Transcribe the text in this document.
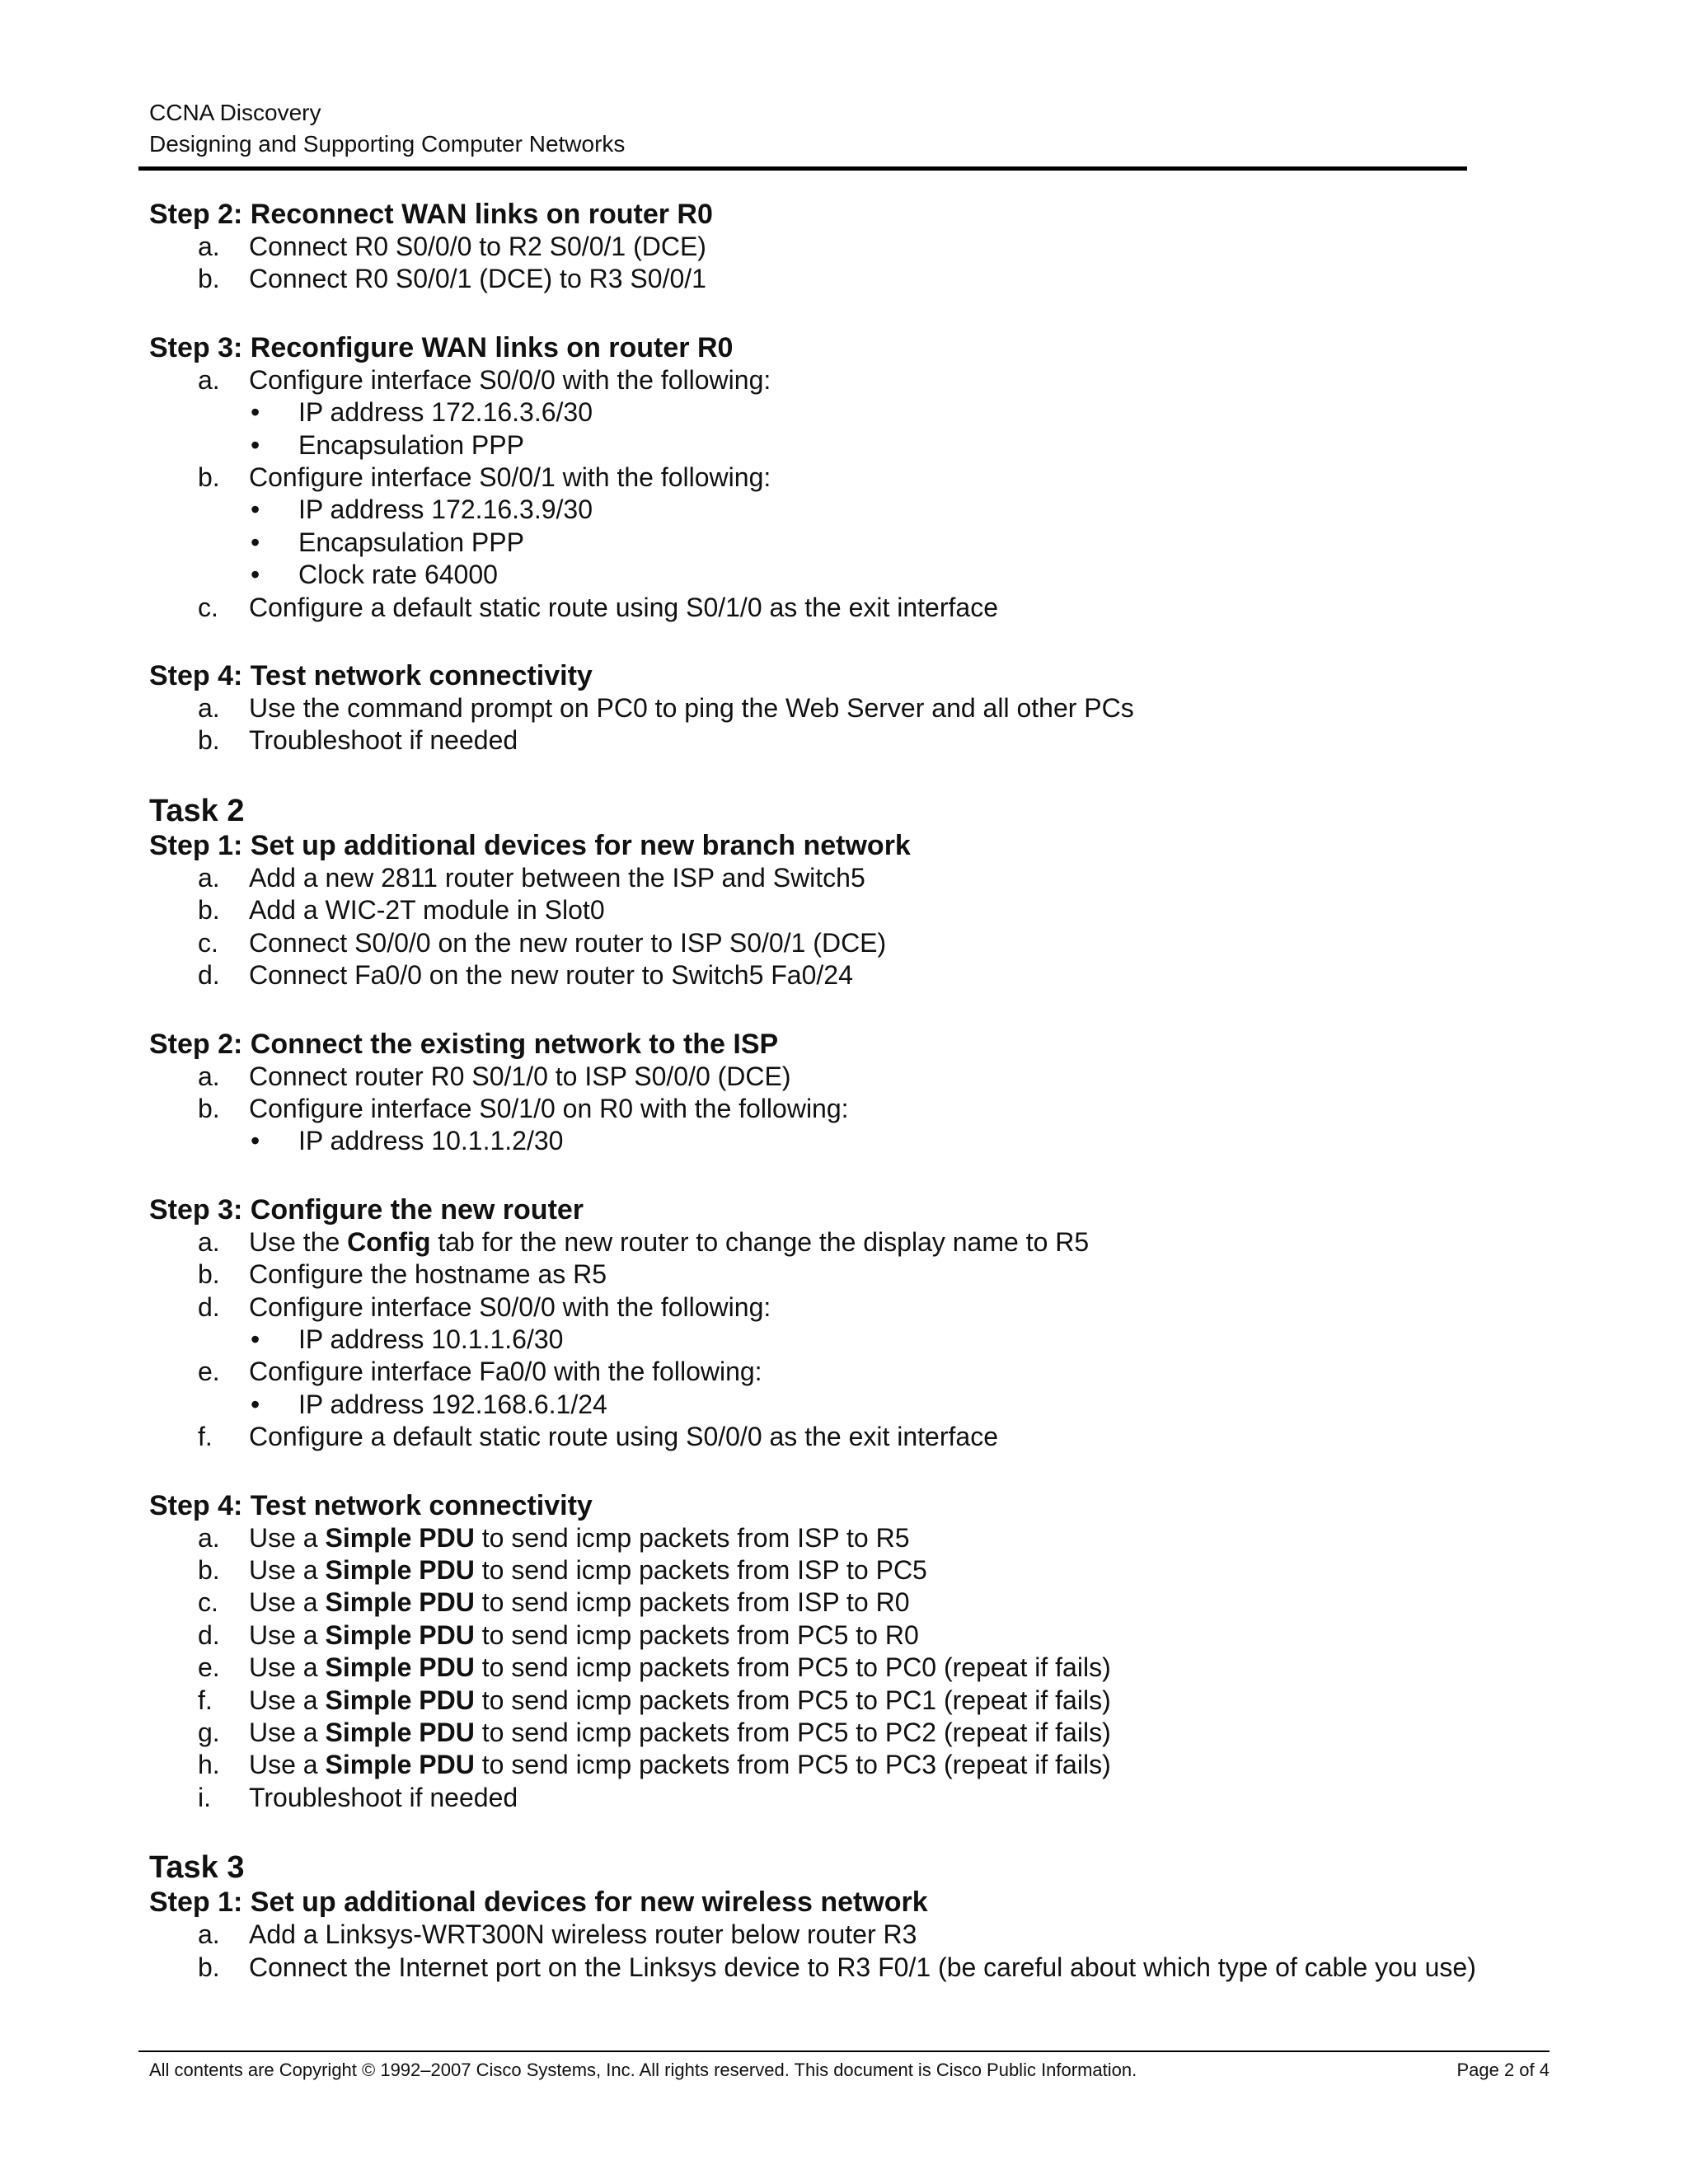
CCNA Discovery
Designing and Supporting Computer Networks
Step 2: Reconnect WAN links on router R0
a. Connect R0 S0/0/0 to R2 S0/0/1 (DCE)
b. Connect R0 S0/0/1 (DCE) to R3 S0/0/1
Step 3: Reconfigure WAN links on router R0
a. Configure interface S0/0/0 with the following:
• IP address 172.16.3.6/30
• Encapsulation PPP
b. Configure interface S0/0/1 with the following:
• IP address 172.16.3.9/30
• Encapsulation PPP
• Clock rate 64000
c. Configure a default static route using S0/1/0 as the exit interface
Step 4: Test network connectivity
a. Use the command prompt on PC0 to ping the Web Server and all other PCs
b. Troubleshoot if needed
Task 2
Step 1: Set up additional devices for new branch network
a. Add a new 2811 router between the ISP and Switch5
b. Add a WIC-2T module in Slot0
c. Connect S0/0/0 on the new router to ISP S0/0/1 (DCE)
d. Connect Fa0/0 on the new router to Switch5 Fa0/24
Step 2: Connect the existing network to the ISP
a. Connect router R0 S0/1/0 to ISP S0/0/0 (DCE)
b. Configure interface S0/1/0 on R0 with the following:
• IP address 10.1.1.2/30
Step 3: Configure the new router
a. Use the Config tab for the new router to change the display name to R5
b. Configure the hostname as R5
d. Configure interface S0/0/0 with the following:
• IP address 10.1.1.6/30
e. Configure interface Fa0/0 with the following:
• IP address 192.168.6.1/24
f. Configure a default static route using S0/0/0 as the exit interface
Step 4: Test network connectivity
a. Use a Simple PDU to send icmp packets from ISP to R5
b. Use a Simple PDU to send icmp packets from ISP to PC5
c. Use a Simple PDU to send icmp packets from ISP to R0
d. Use a Simple PDU to send icmp packets from PC5 to R0
e. Use a Simple PDU to send icmp packets from PC5 to PC0 (repeat if fails)
f. Use a Simple PDU to send icmp packets from PC5 to PC1 (repeat if fails)
g. Use a Simple PDU to send icmp packets from PC5 to PC2 (repeat if fails)
h. Use a Simple PDU to send icmp packets from PC5 to PC3 (repeat if fails)
i. Troubleshoot if needed
Task 3
Step 1: Set up additional devices for new wireless network
a. Add a Linksys-WRT300N wireless router below router R3
b. Connect the Internet port on the Linksys device to R3 F0/1 (be careful about which type of cable you use)
All contents are Copyright © 1992–2007 Cisco Systems, Inc. All rights reserved. This document is Cisco Public Information.	Page 2 of 4
